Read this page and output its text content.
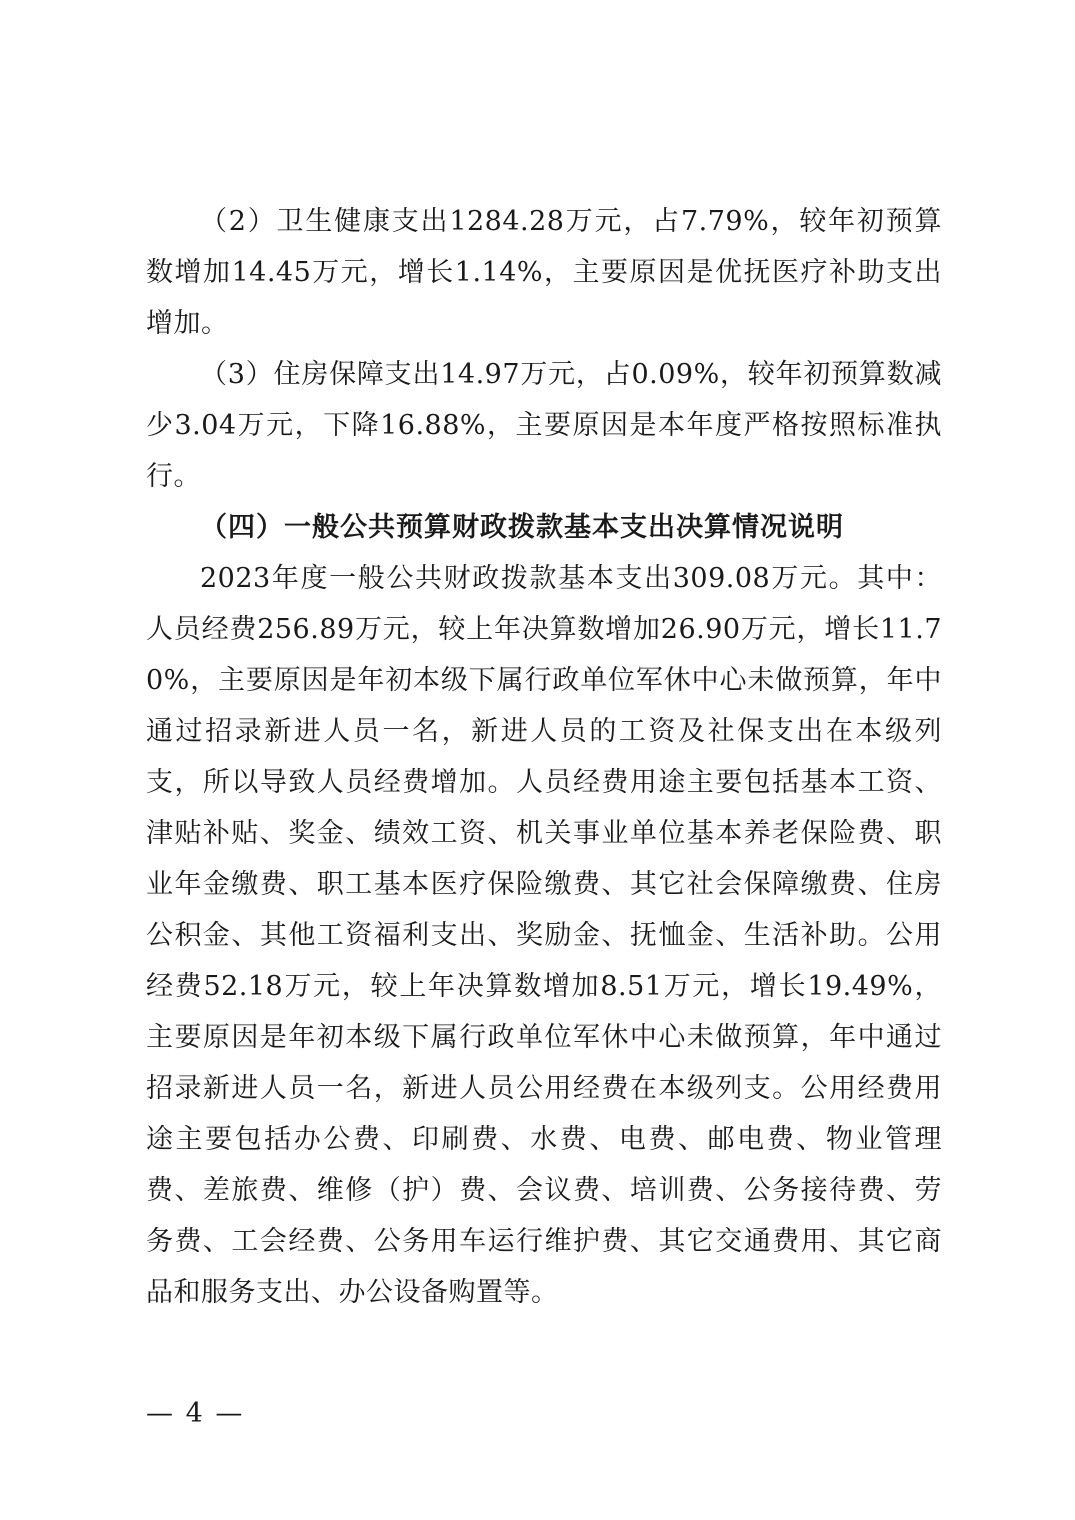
（2）卫生健康支出1284.28万元，占7.79%，较年初预算数增加14.45万元，增长1.14%，主要原因是优抚医疗补助支出增加。

（3）住房保障支出14.97万元，占0.09%，较年初预算数减少3.04万元，下降16.88%，主要原因是本年度严格按照标准执行。

（四）一般公共预算财政拨款基本支出决算情况说明

2023年度一般公共财政拨款基本支出309.08万元。其中：人员经费256.89万元，较上年决算数增加26.90万元，增长11.70%，主要原因是年初本级下属行政单位军休中心未做预算，年中通过招录新进人员一名，新进人员的工资及社保支出在本级列支，所以导致人员经费增加。人员经费用途主要包括基本工资、津贴补贴、奖金、绩效工资、机关事业单位基本养老保险费、职业年金缴费、职工基本医疗保险缴费、其它社会保障缴费、住房公积金、其他工资福利支出、奖励金、抚恤金、生活补助。公用经费52.18万元，较上年决算数增加8.51万元，增长19.49%，主要原因是年初本级下属行政单位军休中心未做预算，年中通过招录新进人员一名，新进人员公用经费在本级列支。公用经费用途主要包括办公费、印刷费、水费、电费、邮电费、物业管理费、差旅费、维修（护）费、会议费、培训费、公务接待费、劳务费、工会经费、公务用车运行维护费、其它交通费用、其它商品和服务支出、办公设备购置等。

— 4 —
